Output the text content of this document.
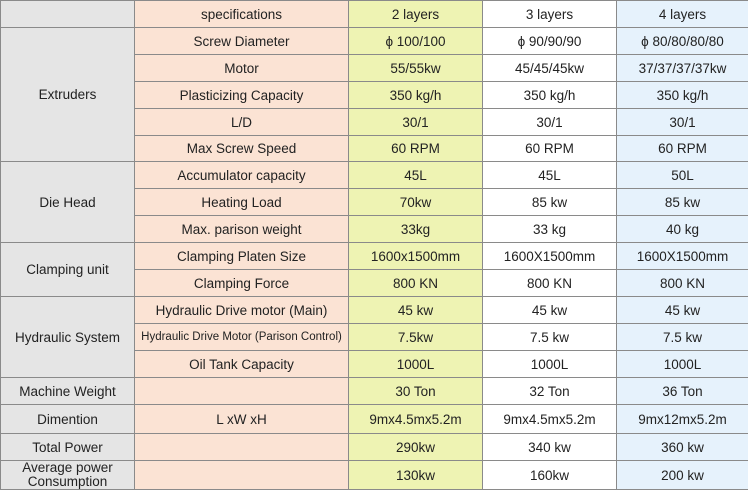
	specifications	2 layers	3 layers	4 layers
Extruders	Screw Diameter	ϕ 100/100	ϕ 90/90/90	ϕ 80/80/80/80
	Motor	55/55kw	45/45/45kw	37/37/37/37kw
	Plasticizing Capacity	350 kg/h	350 kg/h	350 kg/h
	L/D	30/1	30/1	30/1
	Max Screw Speed	60 RPM	60 RPM	60 RPM
Die Head	Accumulator capacity	45L	45L	50L
	Heating Load	70kw	85 kw	85 kw
	Max. parison weight	33kg	33 kg	40 kg
Clamping unit	Clamping Platen Size	1600x1500mm	1600X1500mm	1600X1500mm
	Clamping Force	800 KN	800 KN	800 KN
Hydraulic System	Hydraulic Drive motor (Main)	45 kw	45 kw	45 kw
	Hydraulic Drive Motor (Parison Control)	7.5kw	7.5 kw	7.5 kw
	Oil Tank Capacity	1000L	1000L	1000L
Machine Weight		30 Ton	32 Ton	36 Ton
Dimention	L xW xH	9mx4.5mx5.2m	9mx4.5mx5.2m	9mx12mx5.2m
Total Power		290kw	340 kw	360 kw
Average power
Consumption		130kw	160kw	200 kw
